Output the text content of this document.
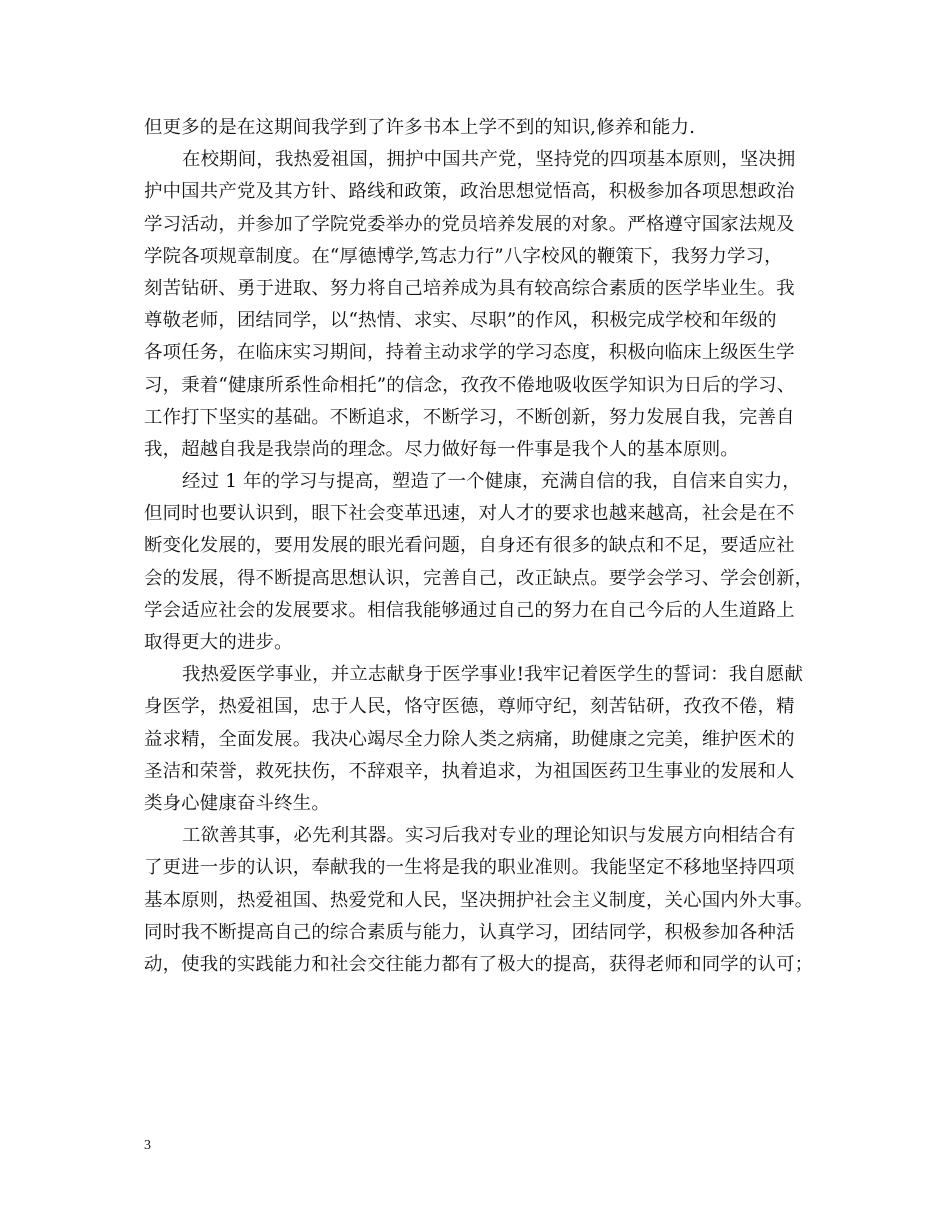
但更多的是在这期间我学到了许多书本上学不到的知识,修养和能力.
在校期间，我热爱祖国，拥护中国共产党，坚持党的四项基本原则，坚决拥
护中国共产党及其方针、路线和政策，政治思想觉悟高，积极参加各项思想政治
学习活动，并参加了学院党委举办的党员培养发展的对象。严格遵守国家法规及
学院各项规章制度。在“厚德博学,笃志力行”八字校风的鞭策下，我努力学习，
刻苦钻研、勇于进取、努力将自己培养成为具有较高综合素质的医学毕业生。我
尊敬老师，团结同学，以“热情、求实、尽职”的作风，积极完成学校和年级的
各项任务，在临床实习期间，持着主动求学的学习态度，积极向临床上级医生学
习，秉着“健康所系性命相托”的信念，孜孜不倦地吸收医学知识为日后的学习、
工作打下坚实的基础。不断追求，不断学习，不断创新，努力发展自我，完善自
我，超越自我是我崇尚的理念。尽力做好每一件事是我个人的基本原则。
经过 1 年的学习与提高，塑造了一个健康，充满自信的我，自信来自实力，
但同时也要认识到，眼下社会变革迅速，对人才的要求也越来越高，社会是在不
断变化发展的，要用发展的眼光看问题，自身还有很多的缺点和不足，要适应社
会的发展，得不断提高思想认识，完善自己，改正缺点。要学会学习、学会创新，
学会适应社会的发展要求。相信我能够通过自己的努力在自己今后的人生道路上
取得更大的进步。
我热爱医学事业，并立志献身于医学事业!我牢记着医学生的誓词：我自愿献
身医学，热爱祖国，忠于人民，恪守医德，尊师守纪，刻苦钻研，孜孜不倦，精
益求精，全面发展。我决心竭尽全力除人类之病痛，助健康之完美，维护医术的
圣洁和荣誉，救死扶伤，不辞艰辛，执着追求，为祖国医药卫生事业的发展和人
类身心健康奋斗终生。
工欲善其事，必先利其器。实习后我对专业的理论知识与发展方向相结合有
了更进一步的认识，奉献我的一生将是我的职业准则。我能坚定不移地坚持四项
基本原则，热爱祖国、热爱党和人民，坚决拥护社会主义制度，关心国内外大事。
同时我不断提高自己的综合素质与能力，认真学习，团结同学，积极参加各种活
动，使我的实践能力和社会交往能力都有了极大的提高，获得老师和同学的认可；
3
